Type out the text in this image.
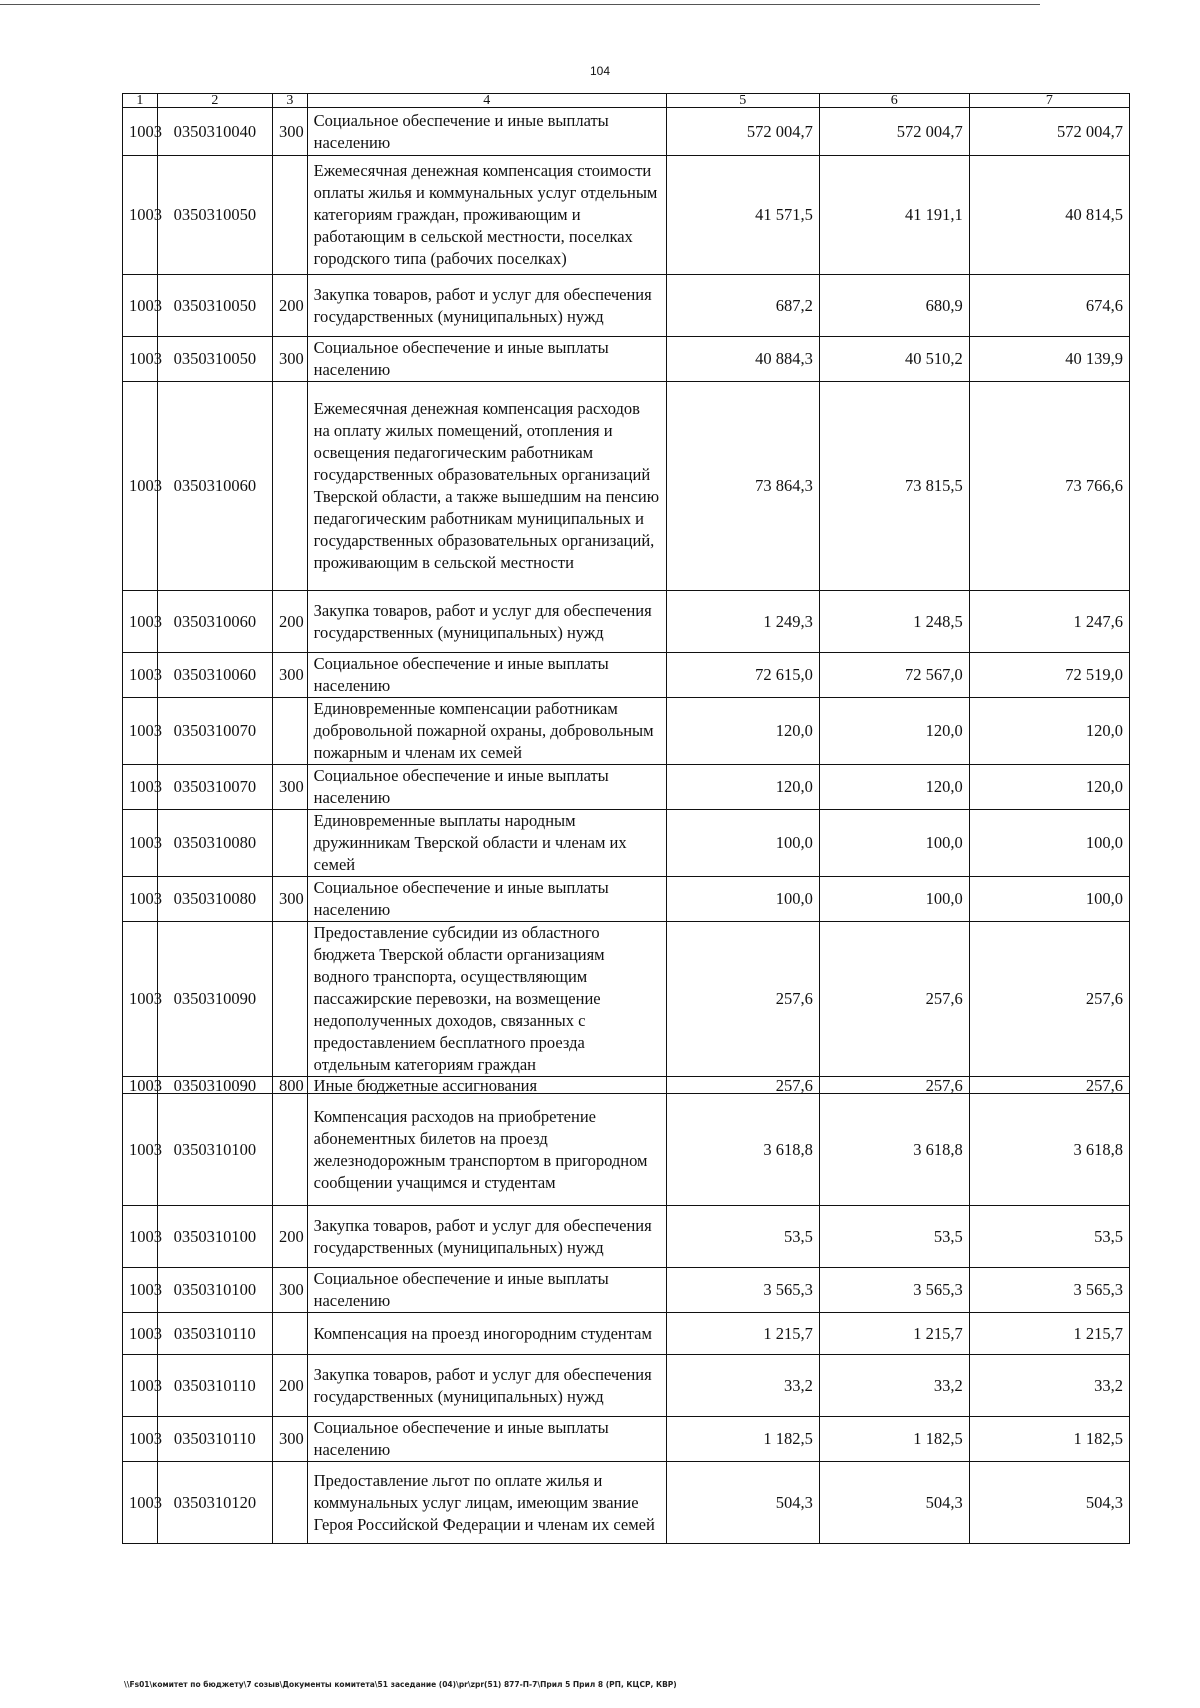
104
1	2	3	4	5	6	7
1003	0350310040	300	Социальное обеспечение и иные выплаты населению	572 004,7	572 004,7	572 004,7
1003	0350310050		Ежемесячная денежная компенсация стоимости оплаты жилья и коммунальных услуг отдельным категориям граждан, проживающим и работающим в сельской местности, поселках городского типа (рабочих поселках)	41 571,5	41 191,1	40 814,5
1003	0350310050	200	Закупка товаров, работ и услуг для обеспечения государственных (муниципальных) нужд	687,2	680,9	674,6
1003	0350310050	300	Социальное обеспечение и иные выплаты населению	40 884,3	40 510,2	40 139,9
1003	0350310060		Ежемесячная денежная компенсация расходов на оплату жилых помещений, отопления и освещения педагогическим работникам государственных образовательных организаций Тверской области, а также вышедшим на пенсию педагогическим работникам муниципальных и государственных образовательных организаций, проживающим в сельской местности	73 864,3	73 815,5	73 766,6
1003	0350310060	200	Закупка товаров, работ и услуг для обеспечения государственных (муниципальных) нужд	1 249,3	1 248,5	1 247,6
1003	0350310060	300	Социальное обеспечение и иные выплаты населению	72 615,0	72 567,0	72 519,0
1003	0350310070		Единовременные компенсации работникам добровольной пожарной охраны, добровольным пожарным и членам их семей	120,0	120,0	120,0
1003	0350310070	300	Социальное обеспечение и иные выплаты населению	120,0	120,0	120,0
1003	0350310080		Единовременные выплаты народным дружинникам Тверской области и членам их семей	100,0	100,0	100,0
1003	0350310080	300	Социальное обеспечение и иные выплаты населению	100,0	100,0	100,0
1003	0350310090		Предоставление субсидии из областного бюджета Тверской области организациям водного транспорта, осуществляющим пассажирские перевозки, на возмещение недополученных доходов, связанных с предоставлением бесплатного проезда отдельным категориям граждан	257,6	257,6	257,6
1003	0350310090	800	Иные бюджетные ассигнования	257,6	257,6	257,6
1003	0350310100		Компенсация расходов на приобретение абонементных билетов на проезд железнодорожным транспортом в пригородном сообщении учащимся и студентам	3 618,8	3 618,8	3 618,8
1003	0350310100	200	Закупка товаров, работ и услуг для обеспечения государственных (муниципальных) нужд	53,5	53,5	53,5
1003	0350310100	300	Социальное обеспечение и иные выплаты населению	3 565,3	3 565,3	3 565,3
1003	0350310110		Компенсация на проезд иногородним студентам	1 215,7	1 215,7	1 215,7
1003	0350310110	200	Закупка товаров, работ и услуг для обеспечения государственных (муниципальных) нужд	33,2	33,2	33,2
1003	0350310110	300	Социальное обеспечение и иные выплаты населению	1 182,5	1 182,5	1 182,5
1003	0350310120		Предоставление льгот по оплате жилья и коммунальных услуг лицам, имеющим звание Героя Российской Федерации и членам их семей	504,3	504,3	504,3
\\Fs01\комитет по бюджету\7 созыв\Документы комитета\51 заседание (04)\pr\zpr(51) 877-П-7\Прил 5 Прил 8 (РП, КЦСР, КВР)
